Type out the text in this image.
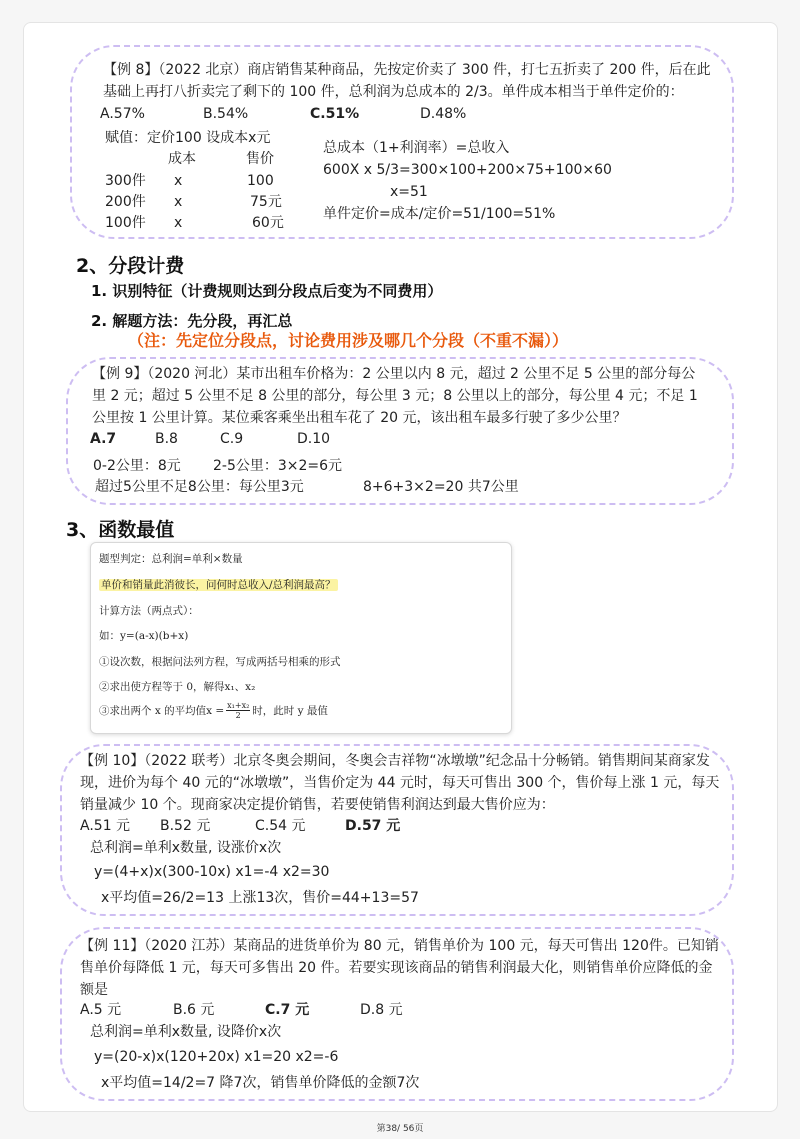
【例 8】（2022 北京）商店销售某种商品，先按定价卖了 300 件，打七五折卖了 200 件，后在此基础上再打八折卖完了剩下的 100 件，总利润为总成本的 2/3。单件成本相当于单件定价的：
A.57%	B.54%	C.51%	D.48%
赋值：定价100 设成本x元
成本	售价
300件 x	100
200件 x	75元
100件 x	60元
总成本（1+利润率）=总收入
600X x 5/3=300×100+200×75+100×60
x=51
单件定价=成本/定价=51/100=51%
2、分段计费
1. 识别特征（计费规则达到分段点后变为不同费用）
2. 解题方法：先分段，再汇总
（注：先定位分段点，讨论费用涉及哪几个分段（不重不漏））
【例 9】（2020 河北）某市出租车价格为：2 公里以内 8 元，超过 2 公里不足 5 公里的部分每公里 2 元；超过 5 公里不足 8 公里的部分，每公里 3 元；8 公里以上的部分，每公里 4 元；不足 1 公里按 1 公里计算。某位乘客乘坐出租车花了 20 元，该出租车最多行驶了多少公里？
A.7	B.8	C.9	D.10
0-2公里：8元 2-5公里：3×2=6元
超过5公里不足8公里：每公里3元	8+6+3×2=20 共7公里
3、函数最值
题型判定：总利润=单利×数量
单价和销量此消彼长，问何时总收入/总利润最高？
计算方法（两点式）：
如：y=(a-x)(b+x)
①设次数，根据问法列方程，写成两括号相乘的形式
②求出使方程等于 0，解得x₁、x₂
③求出两个 x 的平均值$x = \frac{\text{x₁+x₂}}{2}$ 时，此时 y 最值
【例 10】（2022 联考）北京冬奥会期间，冬奥会吉祥物“冰墩墩”纪念品十分畅销。销售期间某商家发现，进价为每个 40 元的“冰墩墩”，当售价定为 44 元时，每天可售出 300 个，售价每上涨 1 元，每天销量减少 10 个。现商家决定提价销售，若要使销售利润达到最大售价应为：
A.51 元 B.52 元	C.54 元	D.57 元
总利润=单利x数量, 设涨价x次
y=(4+x)x(300-10x) x1=-4 x2=30
x平均值=26/2=13 上涨13次，售价=44+13=57
【例 11】（2020 江苏）某商品的进货单价为 80 元，销售单价为 100 元，每天可售出 120件。已知销售单价每降低 1 元，每天可多售出 20 件。若要实现该商品的销售利润最大化，则销售单价应降低的金额是
A.5 元	B.6 元	C.7 元	D.8 元
总利润=单利x数量, 设降价x次
y=(20-x)x(120+20x) x1=20 x2=-6
x平均值=14/2=7 降7次，销售单价降低的金额7次
第38/ 56页
